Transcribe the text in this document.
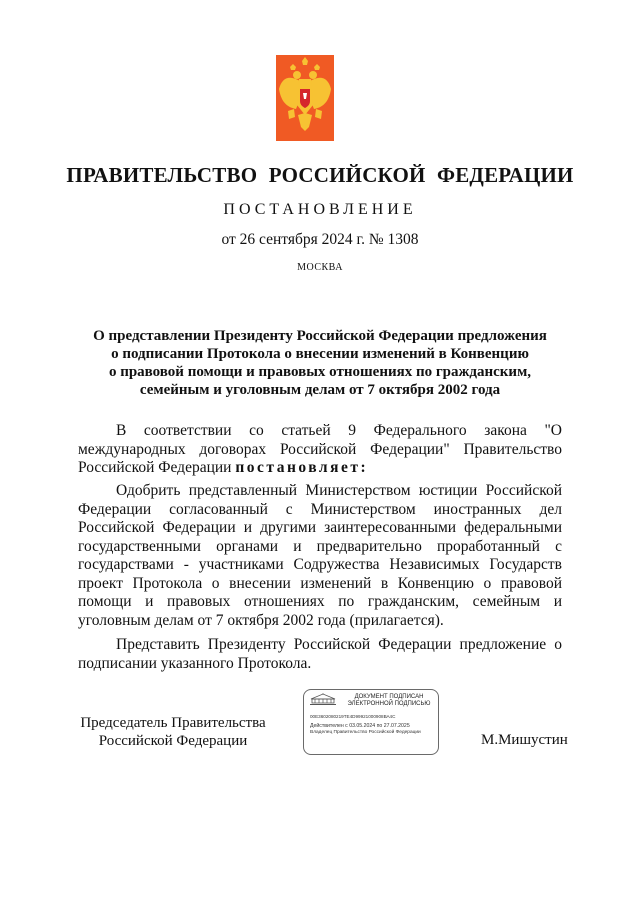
ПРАВИТЕЛЬСТВО РОССИЙСКОЙ ФЕДЕРАЦИИ
ПОСТАНОВЛЕНИЕ
от 26 сентября 2024 г. № 1308
МОСКВА
О представлении Президенту Российской Федерации предложения
о подписании Протокола о внесении изменений в Конвенцию
о правовой помощи и правовых отношениях по гражданским,
семейным и уголовным делам от 7 октября 2002 года
В соответствии со статьей 9 Федерального закона "О международных договорах Российской Федерации" Правительство Российской Федерации постановляет:
Одобрить представленный Министерством юстиции Российской Федерации согласованный с Министерством иностранных дел Российской Федерации и другими заинтересованными федеральными государственными органами и предварительно проработанный с государствами - участниками Содружества Независимых Государств проект Протокола о внесении изменений в Конвенцию о правовой помощи и правовых отношениях по гражданским, семейным и уголовным делам от 7 октября 2002 года (прилагается).
Представить Президенту Российской Федерации предложение о подписании указанного Протокола.
Председатель Правительства
Российской Федерации
ДОКУМЕНТ ПОДПИСАН
ЭЛЕКТРОННОЙ ПОДПИСЬЮ
00E3602080219TE4D99921000908ВА4С
Действителен с 03.05.2024 по 27.07.2025
Владелец Правительство Российской Федерации	М.Мишустин
